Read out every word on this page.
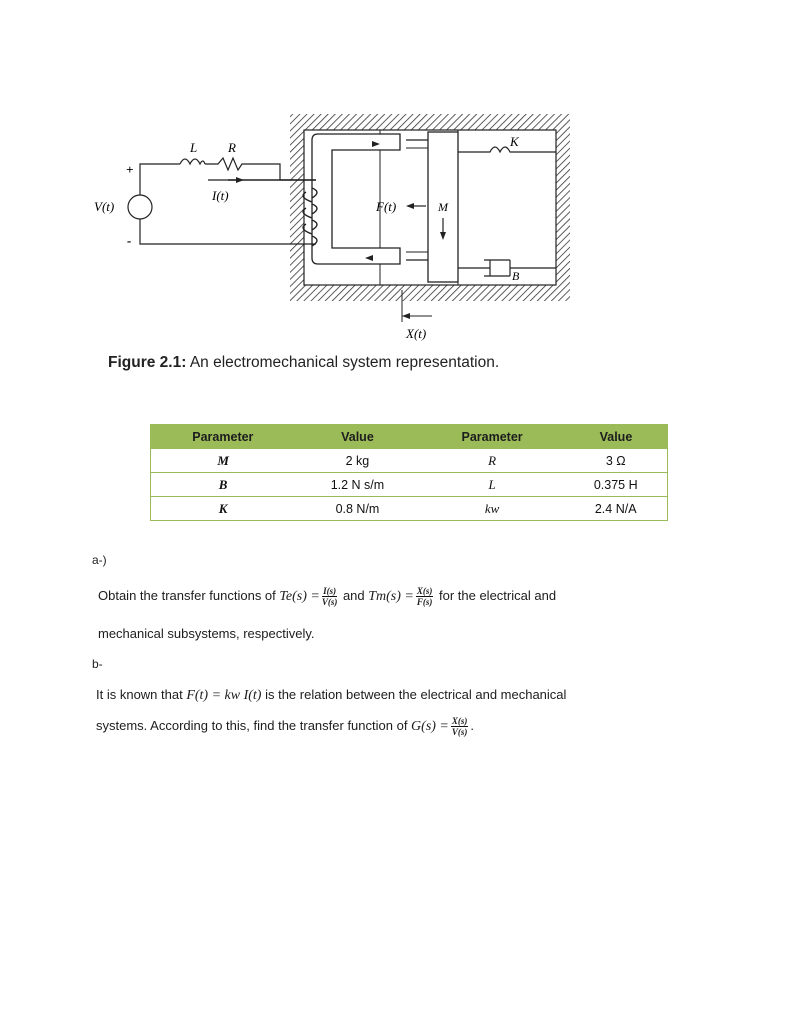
V(t)
+
-
L R
I(t)
F(t)	M
K
B
X(t)
Figure 2.1: An electromechanical system representation.
Parameter	Value	Parameter	Value
M	2 kg	R	3 Ω
B	1.2 N s/m	L	0.375 H
K	0.8 N/m	kw	2.4 N/A
a-)
Obtain the transfer functions of $Te(s) = \frac{I(s)}{V(s)}$ and $Tm(s) = \frac{X(s)}{F(s)}$ for the electrical and
mechanical subsystems, respectively.
b-
It is known that F(t) = kw I(t) is the relation between the electrical and mechanical
systems. According to this, find the transfer function of $G(s) = \frac{X(s)}{V(s)}$ .
